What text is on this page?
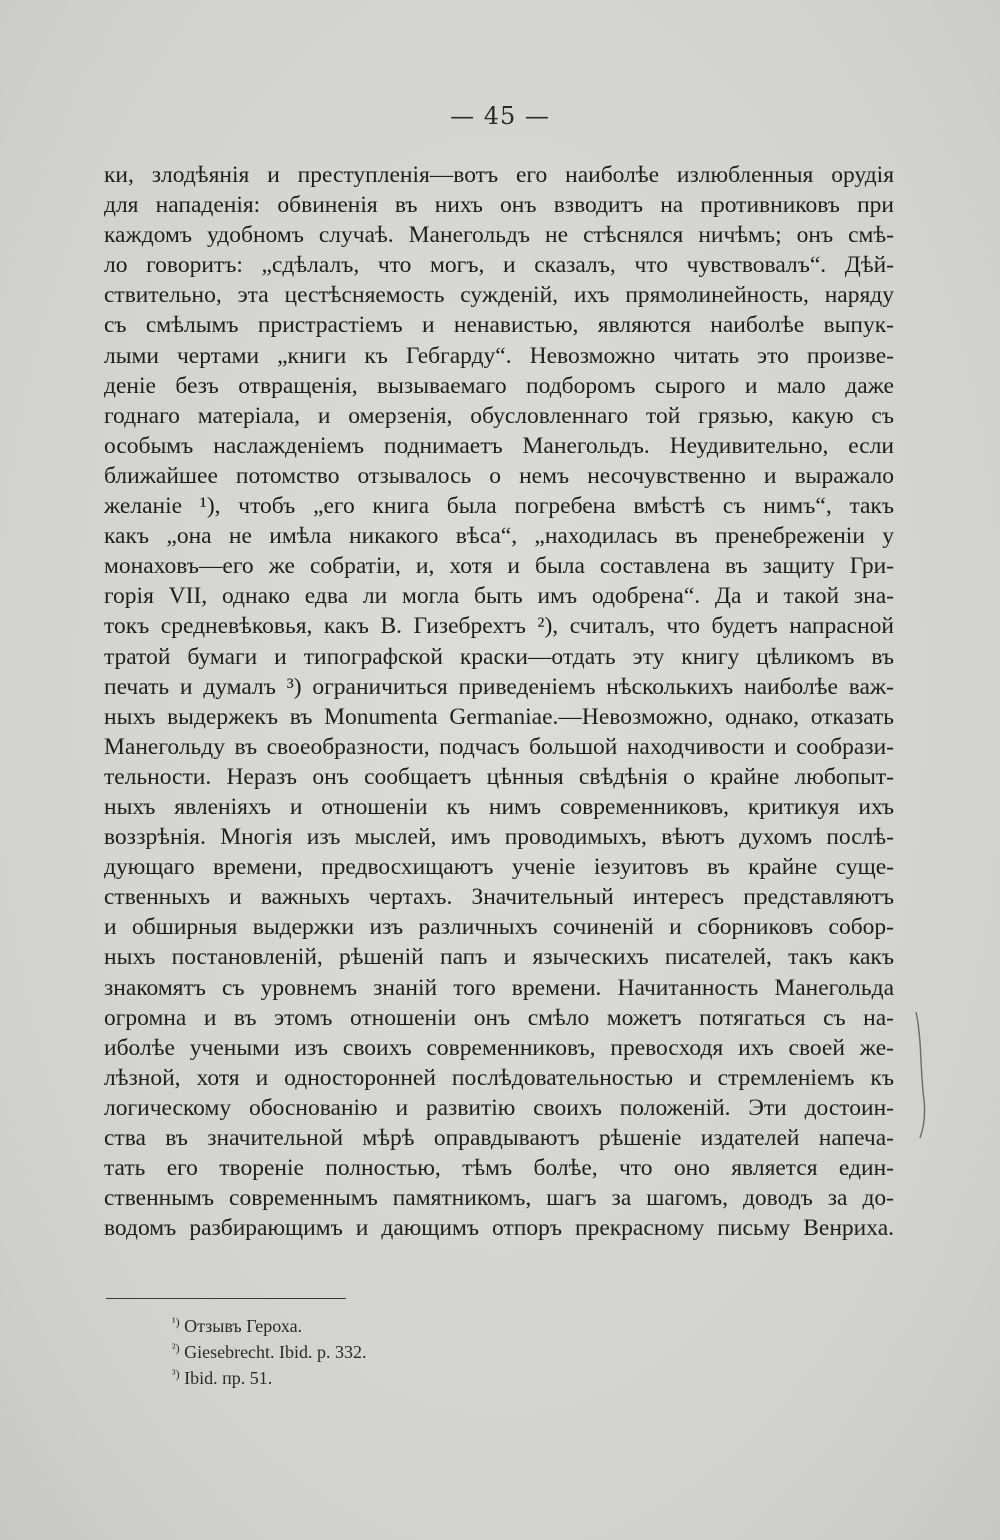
— 45 —
ки, злодѣянія и преступленія—вотъ его наиболѣе излюбленныя орудія
для нападенія: обвиненія въ нихъ онъ взводитъ на противниковъ при
каждомъ удобномъ случаѣ. Манегольдъ не стѣснялся ничѣмъ; онъ смѣ-
ло говоритъ: „сдѣлалъ, что могъ, и сказалъ, что чувствовалъ“. Дѣй-
ствительно, эта цестѣсняемость сужденій, ихъ прямолинейность, наряду
съ смѣлымъ пристрастіемъ и ненавистью, являются наиболѣе выпук-
лыми чертами „книги къ Гебгарду“. Невозможно читать это произве-
деніе безъ отвращенія, вызываемаго подборомъ сырого и мало даже
годнаго матеріала, и омерзенія, обусловленнаго той грязью, какую съ
особымъ наслажденіемъ поднимаетъ Манегольдъ. Неудивительно, если
ближайшее потомство отзывалось о немъ несочувственно и выражало
желаніе ¹), чтобъ „его книга была погребена вмѣстѣ съ нимъ“, такъ
какъ „она не имѣла никакого вѣса“, „находилась въ пренебреженіи у
монаховъ—его же собратіи, и, хотя и была составлена въ защиту Гри-
горія VII, однако едва ли могла быть имъ одобрена“. Да и такой зна-
токъ средневѣковья, какъ В. Гизебрехтъ ²), считалъ, что будетъ напрасной
тратой бумаги и типографской краски—отдать эту книгу цѣликомъ въ
печать и думалъ ³) ограничиться приведеніемъ нѣсколькихъ наиболѣе важ-
ныхъ выдержекъ въ Monumenta Germaniae.—Невозможно, однако, отказать
Манегольду въ своеобразности, подчасъ большой находчивости и сообрази-
тельности. Неразъ онъ сообщаетъ цѣнныя свѣдѣнія о крайне любопыт-
ныхъ явленіяхъ и отношеніи къ нимъ современниковъ, критикуя ихъ
воззрѣнія. Многія изъ мыслей, имъ проводимыхъ, вѣютъ духомъ послѣ-
дующаго времени, предвосхищаютъ ученіе іезуитовъ въ крайне суще-
ственныхъ и важныхъ чертахъ. Значительный интересъ представляютъ
и обширныя выдержки изъ различныхъ сочиненій и сборниковъ собор-
ныхъ постановленій, рѣшеній папъ и языческихъ писателей, такъ какъ
знакомятъ съ уровнемъ знаній того времени. Начитанность Манегольда
огромна и въ этомъ отношеніи онъ смѣло можетъ потягаться съ на-
иболѣе учеными изъ своихъ современниковъ, превосходя ихъ своей же-
лѣзной, хотя и односторонней послѣдовательностью и стремленіемъ къ
логическому обоснованію и развитію своихъ положеній. Эти достоин-
ства въ значительной мѣрѣ оправдываютъ рѣшеніе издателей напеча-
тать его твореніе полностью, тѣмъ болѣе, что оно является един-
ственнымъ современнымъ памятникомъ, шагъ за шагомъ, доводъ за до-
водомъ разбирающимъ и дающимъ отпоръ прекрасному письму Венриха.
$^{^1)}$ Отзывъ Героха.
$^{^2)}$ Giesebrecht. Ibid. p. 332.
$^{^3)}$ Ibid. пр. 51.
